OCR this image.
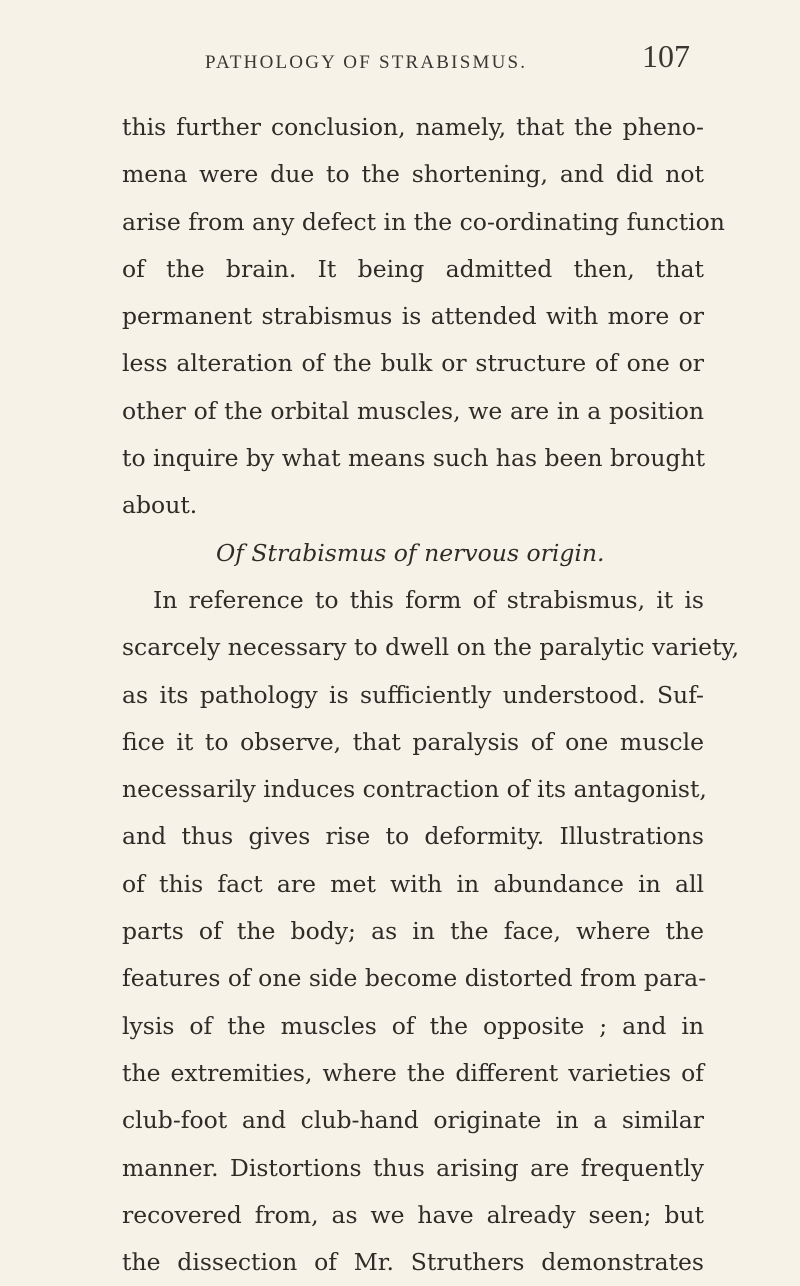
PATHOLOGY OF STRABISMUS.	107
this further conclusion, namely, that the pheno-
mena were due to the shortening, and did not
arise from any defect in the co-ordinating function
of the brain. It being admitted then, that
permanent strabismus is attended with more or
less alteration of the bulk or structure of one or
other of the orbital muscles, we are in a position
to inquire by what means such has been brought
about.
Of Strabismus of nervous origin.
In reference to this form of strabismus, it is
scarcely necessary to dwell on the paralytic variety,
as its pathology is sufficiently understood. Suf-
fice it to observe, that paralysis of one muscle
necessarily induces contraction of its antagonist,
and thus gives rise to deformity. Illustrations
of this fact are met with in abundance in all
parts of the body; as in the face, where the
features of one side become distorted from para-
lysis of the muscles of the opposite ; and in
the extremities, where the different varieties of
club-foot and club-hand originate in a similar
manner. Distortions thus arising are frequently
recovered from, as we have already seen; but
the dissection of Mr. Struthers demonstrates
